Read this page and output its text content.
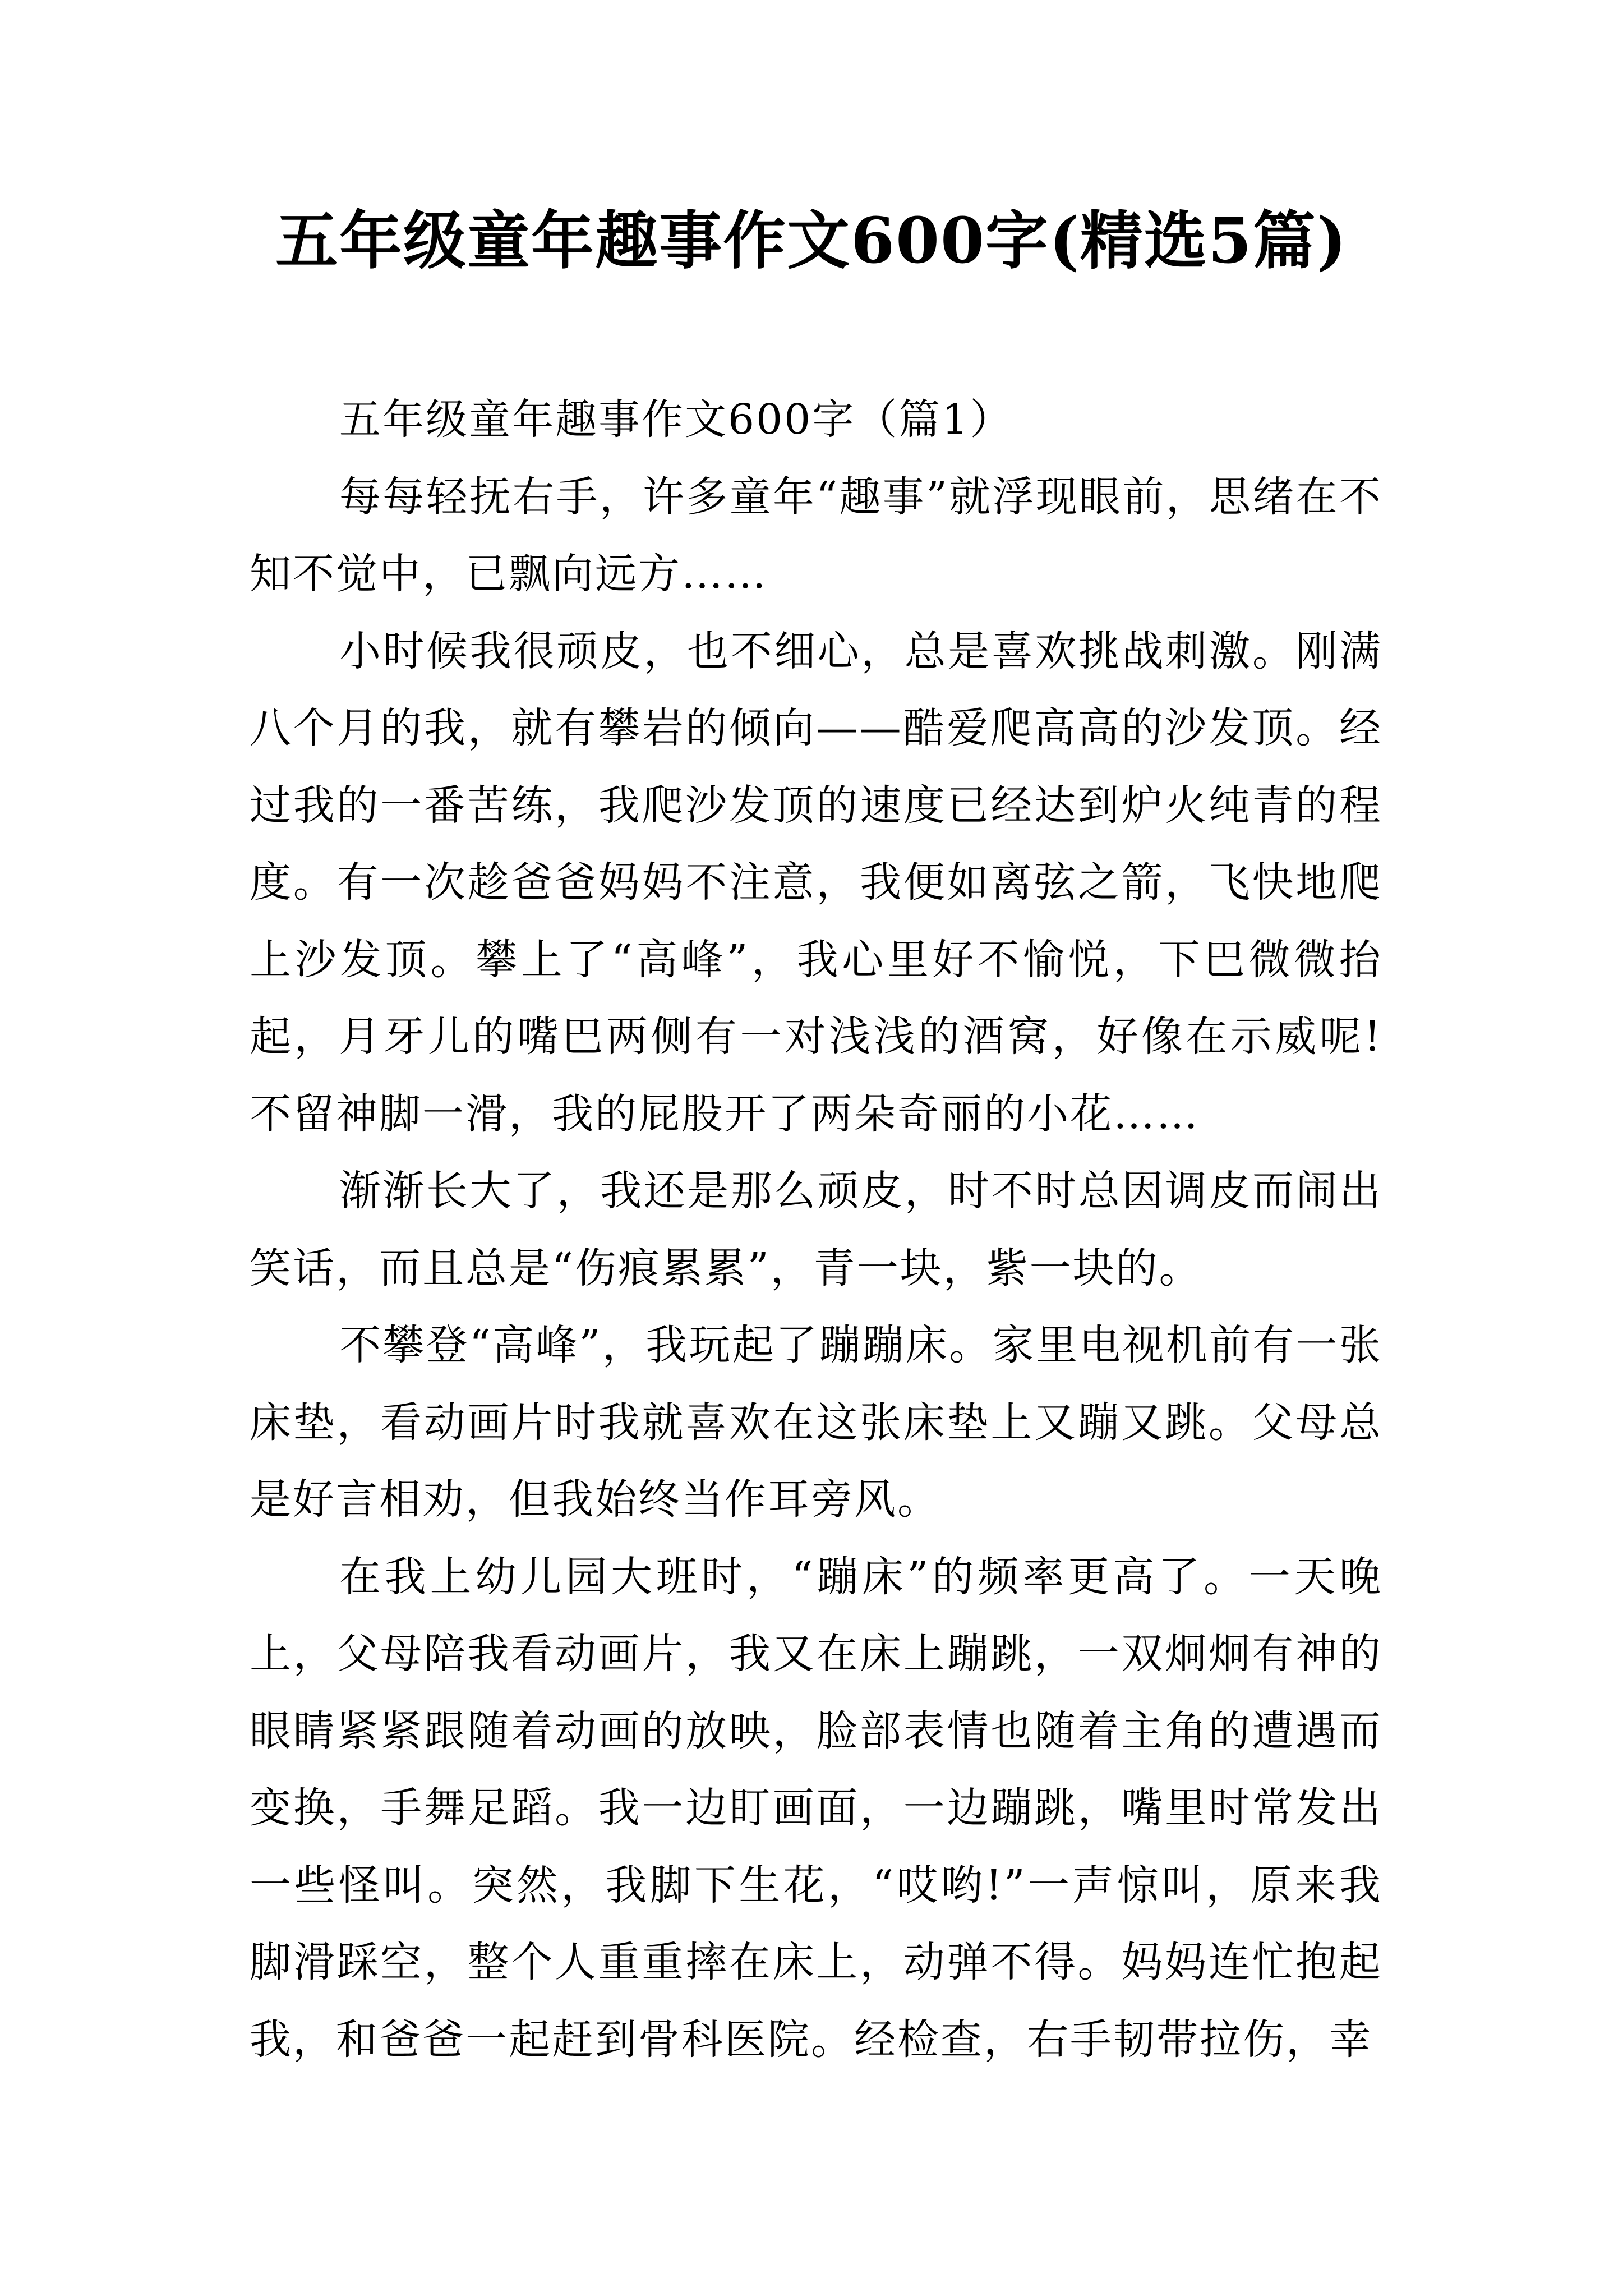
五年级童年趣事作文600字(精选5篇)

五年级童年趣事作文600字（篇1）

每每轻抚右手，许多童年“趣事”就浮现眼前，思绪在不知不觉中，已飘向远方……

小时候我很顽皮，也不细心，总是喜欢挑战刺激。刚满八个月的我，就有攀岩的倾向——酷爱爬高高的沙发顶。经过我的一番苦练，我爬沙发顶的速度已经达到炉火纯青的程度。有一次趁爸爸妈妈不注意，我便如离弦之箭，飞快地爬上沙发顶。攀上了“高峰”，我心里好不愉悦，下巴微微抬起，月牙儿的嘴巴两侧有一对浅浅的酒窝，好像在示威呢!不留神脚一滑，我的屁股开了两朵奇丽的小花……

渐渐长大了，我还是那么顽皮，时不时总因调皮而闹出笑话，而且总是“伤痕累累”，青一块，紫一块的。

不攀登“高峰”，我玩起了蹦蹦床。家里电视机前有一张床垫，看动画片时我就喜欢在这张床垫上又蹦又跳。父母总是好言相劝，但我始终当作耳旁风。

在我上幼儿园大班时，“蹦床”的频率更高了。一天晚上，父母陪我看动画片，我又在床上蹦跳，一双炯炯有神的眼睛紧紧跟随着动画的放映，脸部表情也随着主角的遭遇而变换，手舞足蹈。我一边盯画面，一边蹦跳，嘴里时常发出一些怪叫。突然，我脚下生花，“哎哟!”一声惊叫，原来我脚滑踩空，整个人重重摔在床上，动弹不得。妈妈连忙抱起我，和爸爸一起赶到骨科医院。经检查，右手韧带拉伤，幸
